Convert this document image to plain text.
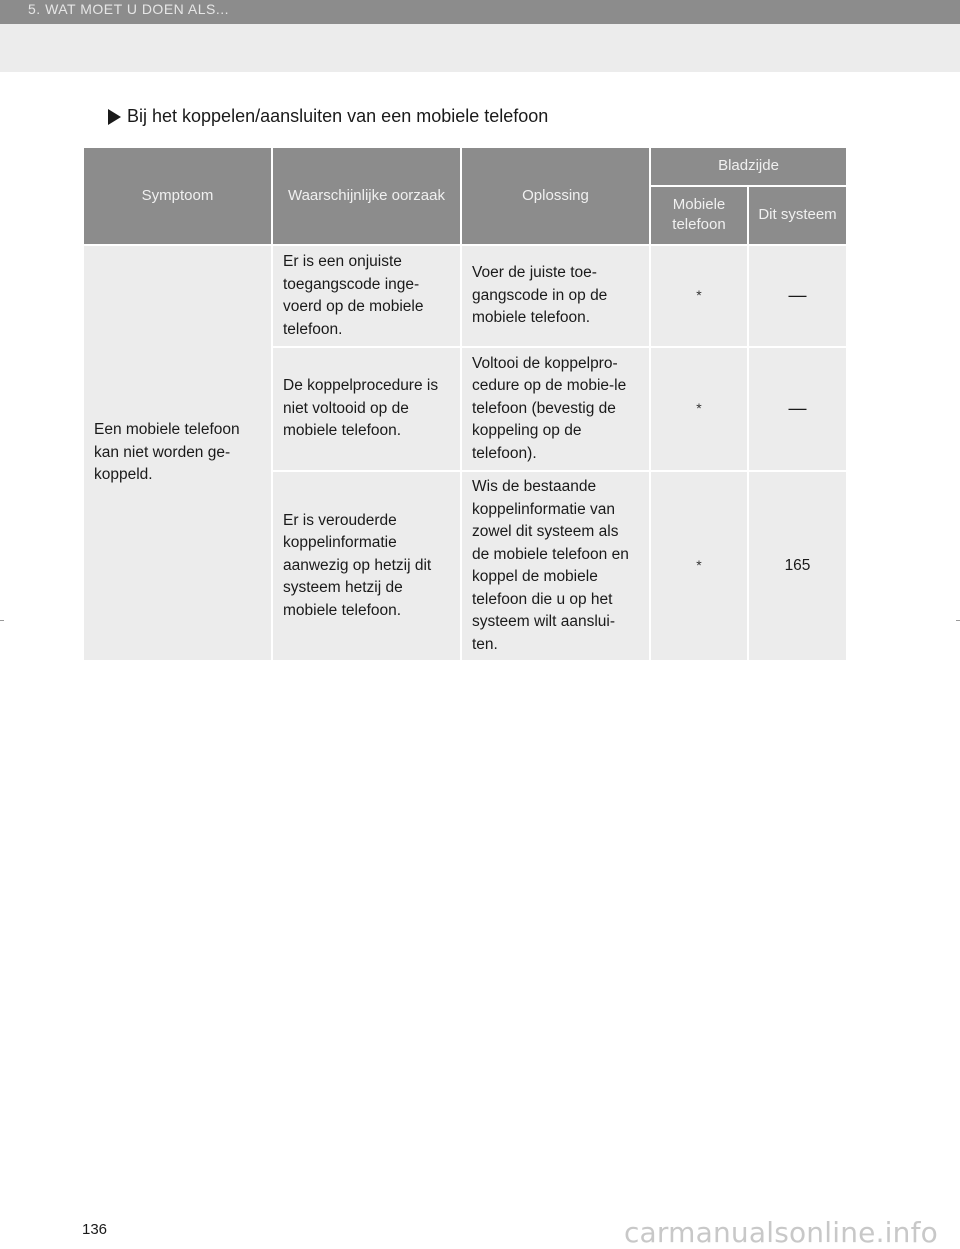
5. WAT MOET U DOEN ALS...
Bij het koppelen/aansluiten van een mobiele telefoon
Symptoom	Waarschijnlijke oorzaak	Oplossing	Bladzijde	
			Mobiele telefoon	Dit systeem
Een mobiele telefoon kan niet worden ge-koppeld.	Er is een onjuiste toegangscode inge-voerd op de mobiele telefoon.	Voer de juiste toe-gangscode in op de mobiele telefoon.	*	—
	De koppelprocedure is niet voltooid op de mobiele telefoon.	Voltooi de koppelpro-cedure op de mobie-le telefoon (bevestig de koppeling op de telefoon).	*	—
	Er is verouderde koppelinformatie aanwezig op hetzij dit systeem hetzij de mobiele telefoon.	Wis de bestaande koppelinformatie van zowel dit systeem als de mobiele telefoon en koppel de mobiele telefoon die u op het systeem wilt aanslui-ten.	*	165
136	carmanualsonline.info
